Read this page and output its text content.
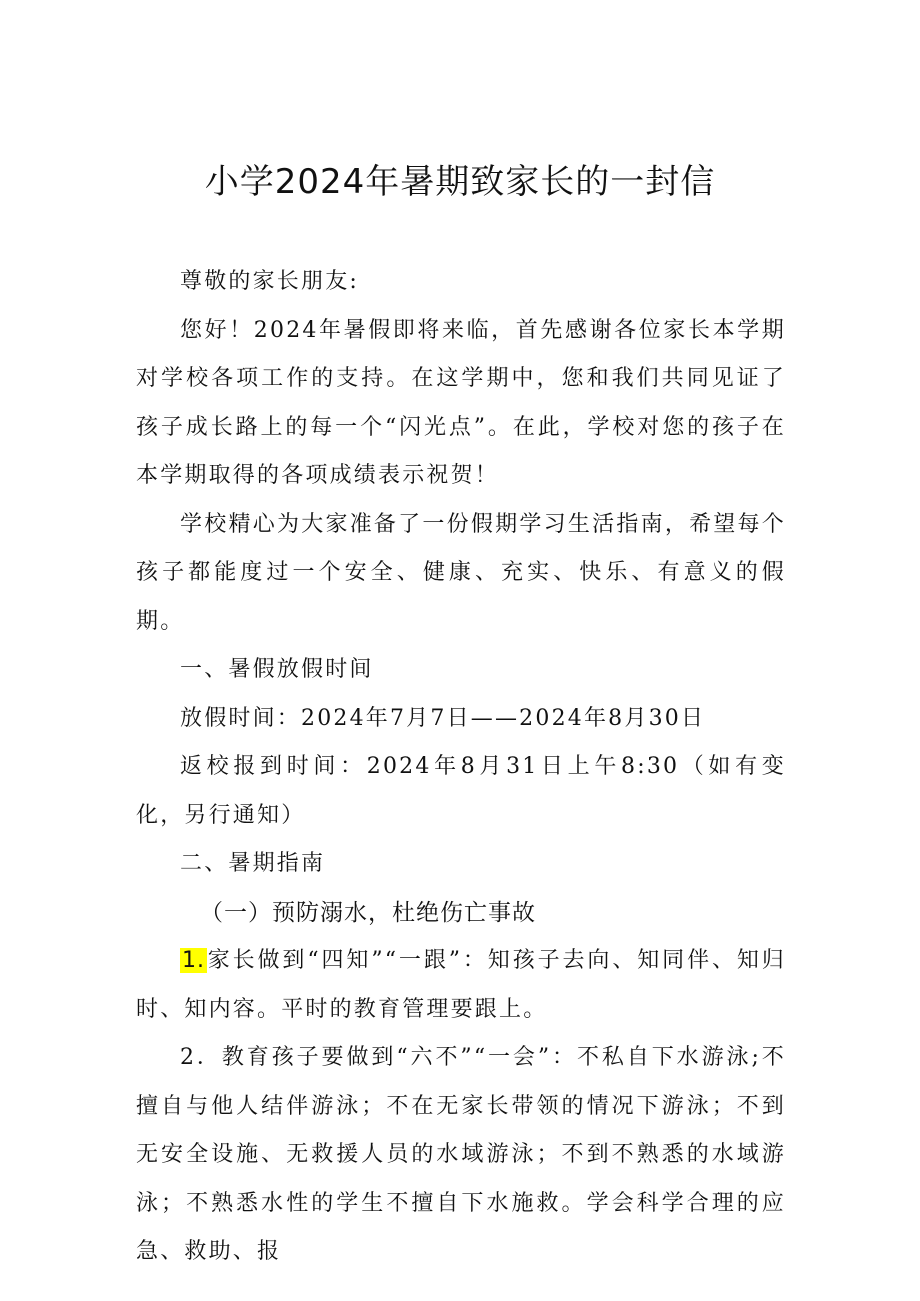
小学2024年暑期致家长的一封信

尊敬的家长朋友:

您好！2024年暑假即将来临，首先感谢各位家长本学期对学校各项工作的支持。在这学期中，您和我们共同见证了孩子成长路上的每一个“闪光点”。在此，学校对您的孩子在本学期取得的各项成绩表示祝贺！

学校精心为大家准备了一份假期学习生活指南，希望每个孩子都能度过一个安全、健康、充实、快乐、有意义的假期。

一、暑假放假时间

放假时间：2024年7月7日——2024年8月30日

返校报到时间：2024年8月31日上午8:30（如有变化，另行通知）

二、暑期指南

（一）预防溺水，杜绝伤亡事故

1.家长做到“四知”“一跟”：知孩子去向、知同伴、知归时、知内容。平时的教育管理要跟上。

2．教育孩子要做到“六不”“一会”：不私自下水游泳;不擅自与他人结伴游泳；不在无家长带领的情况下游泳；不到无安全设施、无救援人员的水域游泳；不到不熟悉的水域游泳；不熟悉水性的学生不擅自下水施救。学会科学合理的应急、救助、报
